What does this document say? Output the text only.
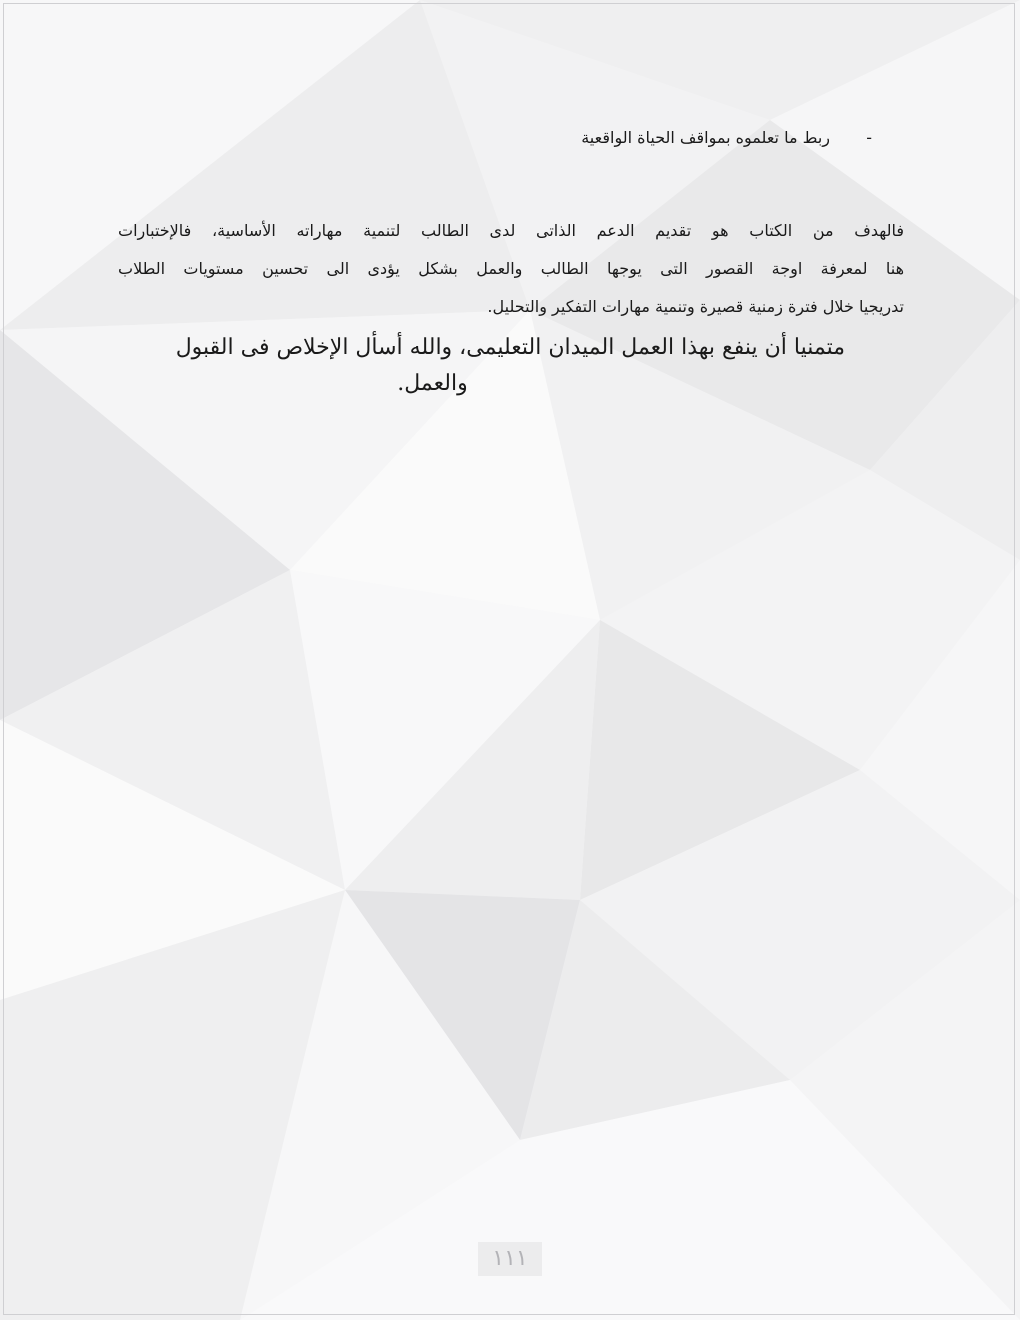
-ربط ما تعلموه بمواقف الحياة الواقعية
فالهدف من الكتاب هو تقديم الدعم الذاتى لدى الطالب لتنمية مهاراته الأساسية، فالإختبارات
هنا لمعرفة اوجة القصور التى يوجها الطالب والعمل بشكل يؤدى الى تحسين مستويات الطلاب
تدريجيا خلال فترة زمنية قصيرة وتنمية مهارات التفكير والتحليل.
متمنيا أن ينفع بهذا العمل الميدان التعليمى، والله أسأل الإخلاص فى القبول
والعمل.
١١١
